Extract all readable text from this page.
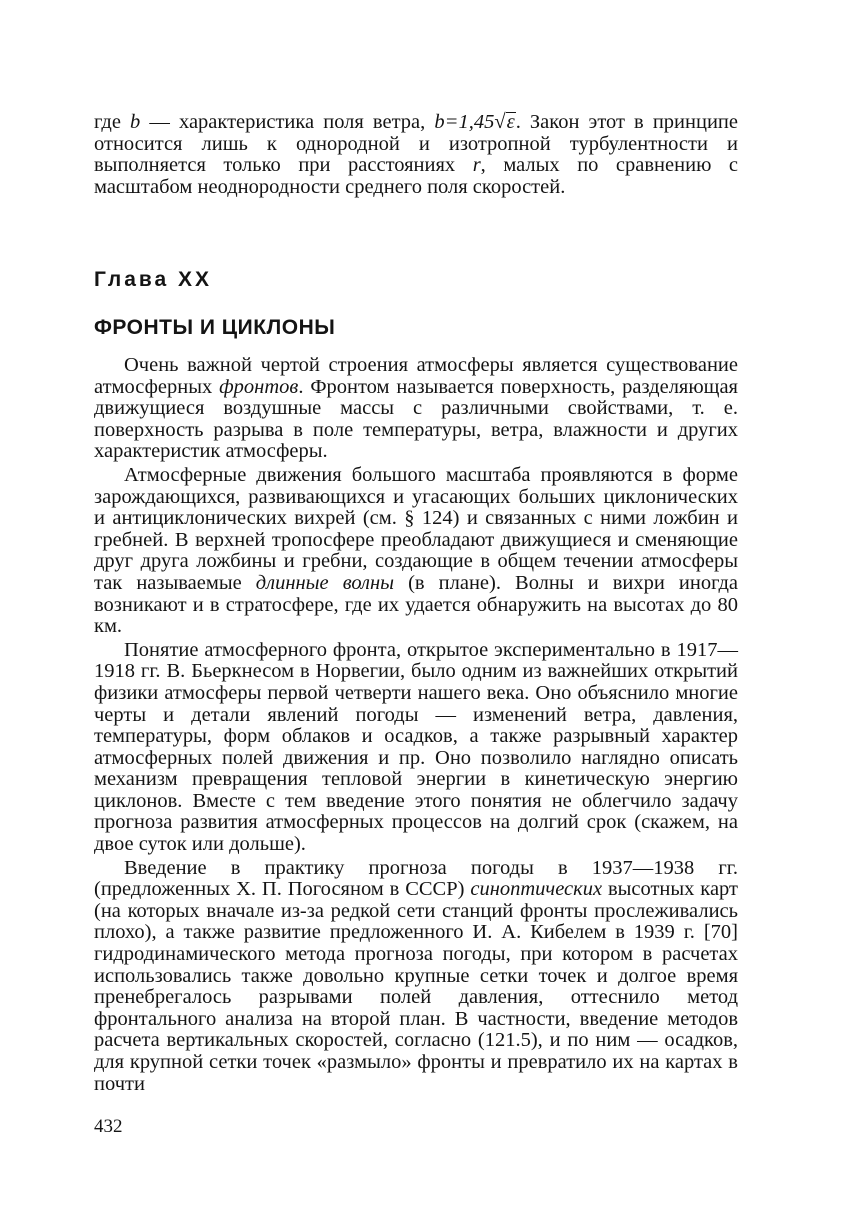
где b — характеристика поля ветра, b=1,45√ε. Закон этот в принципе относится лишь к однородной и изотропной турбулентности и выполняется только при расстояниях r, малых по сравнению с масштабом неоднородности среднего поля скоростей.

Глава XX
ФРОНТЫ И ЦИКЛОНЫ

Очень важной чертой строения атмосферы является существование атмосферных фронтов. Фронтом называется поверхность, разделяющая движущиеся воздушные массы с различными свойствами, т. е. поверхность разрыва в поле температуры, ветра, влажности и других характеристик атмосферы.

Атмосферные движения большого масштаба проявляются в форме зарождающихся, развивающихся и угасающих больших циклонических и антициклонических вихрей (см. § 124) и связанных с ними ложбин и гребней. В верхней тропосфере преобладают движущиеся и сменяющие друг друга ложбины и гребни, создающие в общем течении атмосферы так называемые длинные волны (в плане). Волны и вихри иногда возникают и в стратосфере, где их удается обнаружить на высотах до 80 км.

Понятие атмосферного фронта, открытое экспериментально в 1917—1918 гг. В. Бьеркнесом в Норвегии, было одним из важнейших открытий физики атмосферы первой четверти нашего века. Оно объяснило многие черты и детали явлений погоды — изменений ветра, давления, температуры, форм облаков и осадков, а также разрывный характер атмосферных полей движения и пр. Оно позволило наглядно описать механизм превращения тепловой энергии в кинетическую энергию циклонов. Вместе с тем введение этого понятия не облегчило задачу прогноза развития атмосферных процессов на долгий срок (скажем, на двое суток или дольше).

Введение в практику прогноза погоды в 1937—1938 гг. (предложенных Х. П. Погосяном в СССР) синоптических высотных карт (на которых вначале из-за редкой сети станций фронты прослеживались плохо), а также развитие предложенного И. А. Кибелем в 1939 г. [70] гидродинамического метода прогноза погоды, при котором в расчетах использовались также довольно крупные сетки точек и долгое время пренебрегалось разрывами полей давления, оттеснило метод фронтального анализа на второй план. В частности, введение методов расчета вертикальных скоростей, согласно (121.5), и по ним — осадков, для крупной сетки точек «размыло» фронты и превратило их на картах в почти

432
